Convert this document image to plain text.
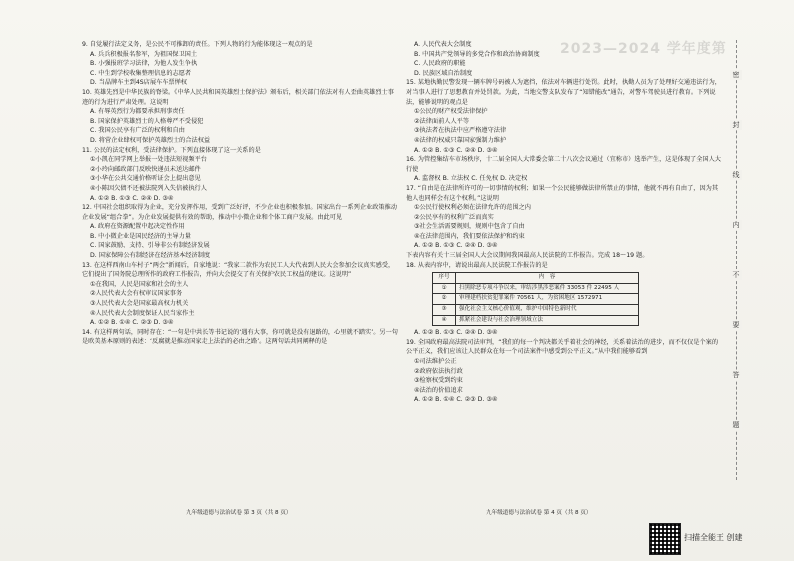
9. 自觉履行法定义务，是公民不可推卸的责任。下列人物的行为能体现这一观点的是

A. 兵兵积极报名参军，为祖国保卫国土
B. 小强报班学习法律，为他人发生争执
C. 中生到学校收集整理信息的志愿者
D. 当晶牌车主到4S店展车车票惮权

10. 英雄先烈是中华民族的脊梁。《中华人民共和国英雄烈士保护法》颁布后，相关部门依法对有人歪曲英雄烈士事迹的行为进行严肃处理。这说明

A. 有辱英烈行为都要承担刑事责任
B. 国家保护英雄烈士的人格尊严不受侵犯
C. 我国公民享有广泛的权利和自由
D. 将营企业肆权可保护英雄烈士的合法权益

11. 公民的法定权利，受法律保护。下列直接体现了这一关系的是

①小凯在同学网上举报一处违法短视频平台
②小玲向邮政部门反映快递员未送达邮件
③小华在公共交通价格听证会上提出意见
④小陈因欠债不还被法院列入失信被执行人
A. ①② B. ①③ C. ②④ D. ③④

12. 中国社会组织取得为企业，充分发挥作用，受到广泛好评，不少企业也积极参加。国家出台一系列企业政策推动企业发展“组合拳”。为企业发展提供有效的帮助，推动中小微企业和个体工商户发展。由此可见

A. 政府在资源配置中起决定性作用
B. 中小微企业是国民经济的主导力量
C. 国家鼓励、支持、引导非公有制经济发展
D. 国家保障公有制经济在经济基本经济制度

13. 在这样西南山车村子“两会”新闻后，自家地说：“我家二款作为农民工人大代表到人民大会参加会议真实感受，它们提出了国务院总理所作的政府工作报告，并向大会提交了有关保护农民工权益的建议。这说明”

①在我国，人民是国家和社会的主人
②人民代表大会有权审议国家事务
③人民代表大会是国家最高权力机关
④人民代表大会制度保证人民当家作主
A. ①② B. ①④ C. ②③ D. ③④

14. 有这样两句话，同时存在：“一句是中共长等书记说的‘遇有大事，你可就是没有退路的，心里就不踏实’。另一句是欧美基本原则的表述：‘反腐就是推动国家走上法治的必由之路’。这两句话共同阐释的是

九年级道德与法治试卷 第 3 页（共 8 页）
A. 人民代表大会制度
B. 中国共产党领导的多党合作和政治协商制度
C. 人民政府的职能
D. 民族区域自治制度

15. 某地执勤民警发现一辆车牌号码被人为遮挡，依法对车辆进行处罚。此时，执勤人员为了处理好交通违法行为，对当事人进行了思想教育并处罚款。为此，当地交警支队发布了“知错能改”通告，对警车驾驶员进行教育。下列说法，能够说明的观点是

①公民的财产权受法律保护
②法律面前人人平等
③执法者在执法中应严格遵守法律
④法律的权威只靠国家强制力维护
A. ①② B. ①③ C. ②④ D. ③④

16. 为管控集结车市场秩序，十二届全国人大常委会第二十八次会议通过（宜称市）选举产生，这是体现了全国人大行使

A. 监督权 B. 立法权 C. 任免权 D. 决定权

17. “自由是在法律所许可的一切事情的权利；如果一个公民能够做法律所禁止的事情，他就不再有自由了，因为其他人也同样会有这个权利。”这说明

①公民行使权利必须在法律允许的范围之内
②公民享有的权利广泛而真实
③社会生活需要规则，规则中包含了自由
④在法律范围内，我们要依法保护和约束
A. ①② B. ①③ C. ②④ D. ③④

下表内容有关十三届全国人大会议期间我国最高人民法院的工作报告。完成 18～19 题。

18. 从表内容中，请说出最高人民法院工作报告的是

序号	内　容
①	扫黑除恶专项斗争以来，审结涉黑涉恶案件 33053 件 22495 人
②	审理建档扶贫犯罪案件 70561 人，为贫困地区 1572971
③	强化社会主义核心价值观，维护中国特色新时代
④	抓紧社会建设与社会治理领域立法
A. ①② B. ①③ C. ②④ D. ③④

19. 全国政府最高法院司法审判，“我们的每一个判决都关乎着社会的神经，关系着法治的进步，而不仅仅是个案的公平正义，我们应该让人民群众在每一个司法案件中感受到公平正义。”从中我们能够看到

①司法维护公正
②政府依法执行政
③检察权受到约束
④法治的价值追求
A. ①② B. ①④ C. ②③ D. ③④
九年级道德与法治试卷 第 4 页（共 8 页）
2023—2024 学年度第
密
封
线
内
不
要
答
题
扫描全能王 创建
